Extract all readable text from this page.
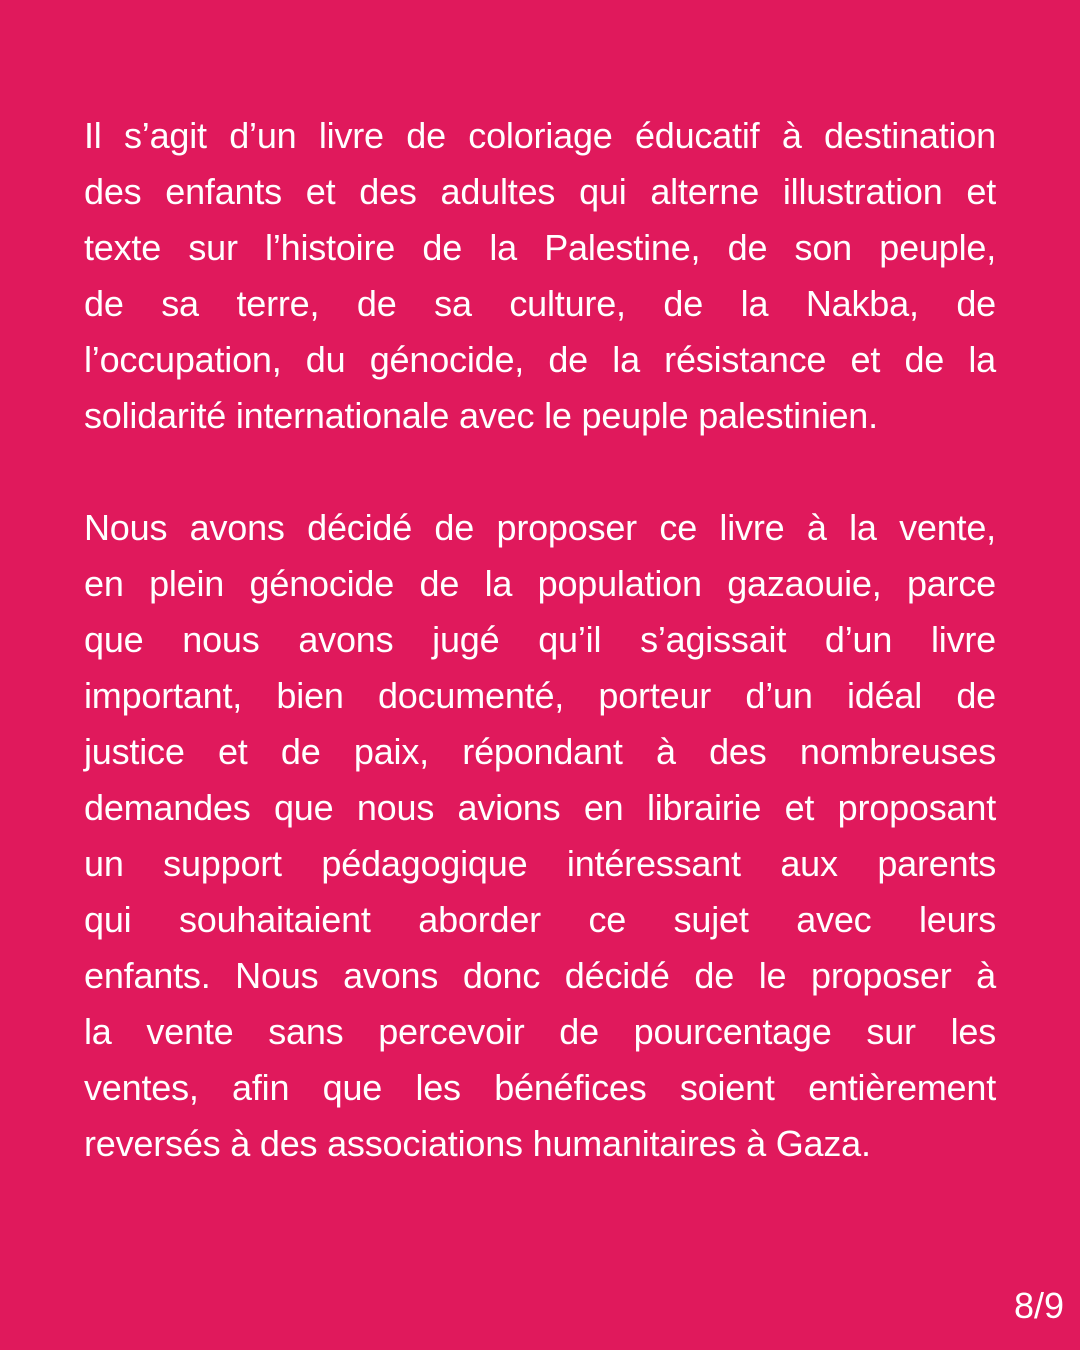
Il s’agit d’un livre de coloriage éducatif à destination
des enfants et des adultes qui alterne illustration et
texte sur l’histoire de la Palestine, de son peuple,
de sa terre, de sa culture, de la Nakba, de
l’occupation, du génocide, de la résistance et de la
solidarité internationale avec le peuple palestinien.
Nous avons décidé de proposer ce livre à la vente,
en plein génocide de la population gazaouie, parce
que nous avons jugé qu’il s’agissait d’un livre
important, bien documenté, porteur d’un idéal de
justice et de paix, répondant à des nombreuses
demandes que nous avions en librairie et proposant
un support pédagogique intéressant aux parents
qui souhaitaient aborder ce sujet avec leurs
enfants. Nous avons donc décidé de le proposer à
la vente sans percevoir de pourcentage sur les
ventes, afin que les bénéfices soient entièrement
reversés à des associations humanitaires à Gaza.
8/9
